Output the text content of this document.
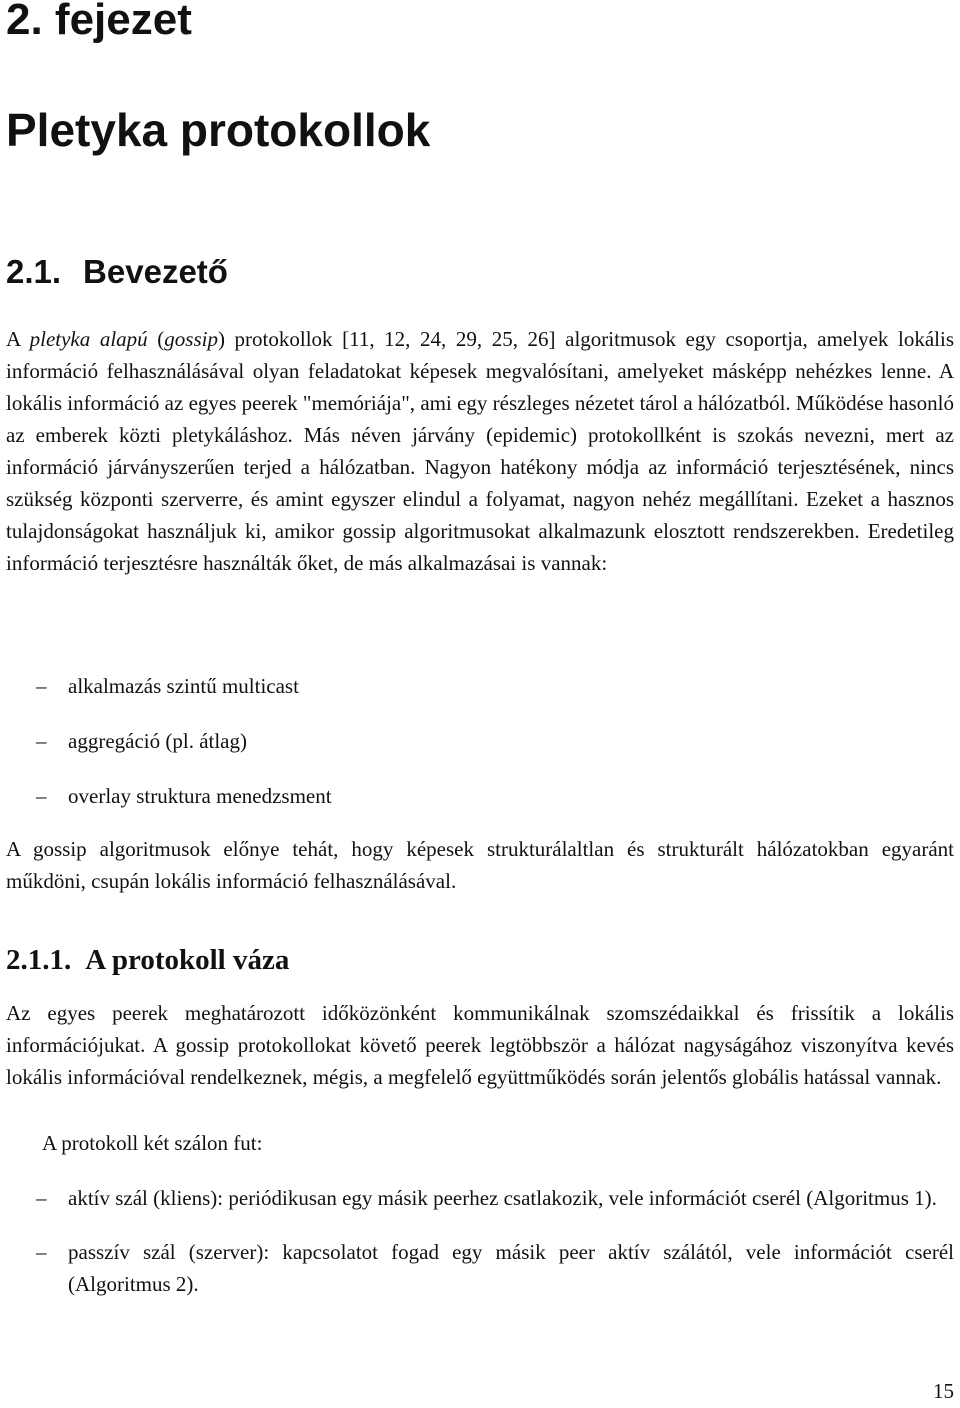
2. fejezet
Pletyka protokollok
2.1. Bevezető

A pletyka alapú (gossip) protokollok [11, 12, 24, 29, 25, 26] algoritmusok egy csoportja, amelyek lokális információ felhasználásával olyan feladatokat képesek megvalósítani, amelyeket másképp nehézkes lenne. A lokális információ az egyes peerek "memóriája", ami egy részleges nézetet tárol a hálózatból. Működése hasonló az emberek közti pletykáláshoz. Más néven járvány (epidemic) protokollként is szokás nevezni, mert az információ járványszerűen terjed a hálózatban. Nagyon hatékony módja az információ terjesztésének, nincs szükség központi szerverre, és amint egyszer elindul a folyamat, nagyon nehéz megállítani. Ezeket a hasznos tulajdonságokat használjuk ki, amikor gossip algoritmusokat alkalmazunk elosztott rendszerekben. Eredetileg információ terjesztésre használták őket, de más alkalmazásai is vannak:

– alkalmazás szintű multicast
– aggregáció (pl. átlag)
– overlay struktura menedzsment

A gossip algoritmusok előnye tehát, hogy képesek strukturálaltlan és strukturált hálózatokban egyaránt műkdöni, csupán lokális információ felhasználásával.

2.1.1. A protokoll váza

Az egyes peerek meghatározott időközönként kommunikálnak szomszédaikkal és frissítik a lokális információjukat. A gossip protokollokat követő peerek legtöbbször a hálózat nagyságához viszonyítva kevés lokális információval rendelkeznek, mégis, a megfelelő együttműködés során jelentős globális hatással vannak.

A protokoll két szálon fut:

– aktív szál (kliens): periódikusan egy másik peerhez csatlakozik, vele információt cserél (Algoritmus 1).
– passzív szál (szerver): kapcsolatot fogad egy másik peer aktív szálától, vele információt cserél (Algoritmus 2).
15
